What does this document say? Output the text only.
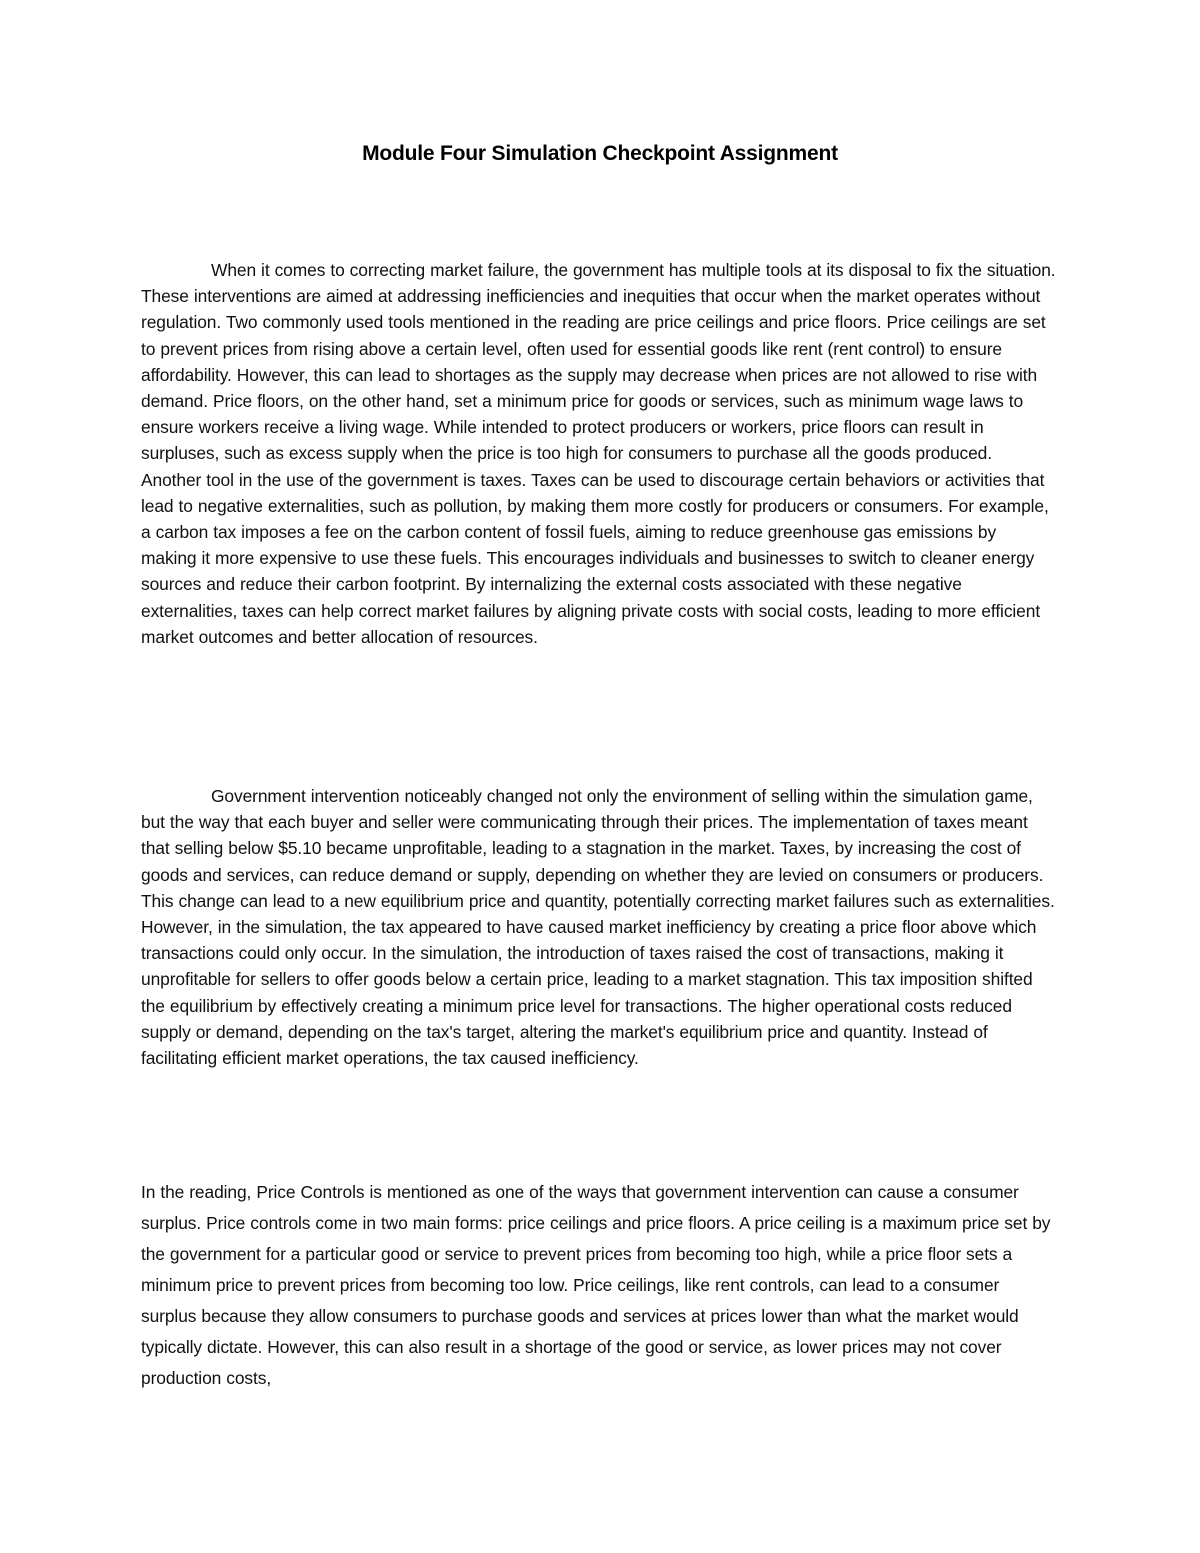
Module Four Simulation Checkpoint Assignment

When it comes to correcting market failure, the government has multiple tools at its disposal to fix the situation. These interventions are aimed at addressing inefficiencies and inequities that occur when the market operates without regulation. Two commonly used tools mentioned in the reading are price ceilings and price floors. Price ceilings are set to prevent prices from rising above a certain level, often used for essential goods like rent (rent control) to ensure affordability. However, this can lead to shortages as the supply may decrease when prices are not allowed to rise with demand. Price floors, on the other hand, set a minimum price for goods or services, such as minimum wage laws to ensure workers receive a living wage. While intended to protect producers or workers, price floors can result in surpluses, such as excess supply when the price is too high for consumers to purchase all the goods produced. Another tool in the use of the government is taxes. Taxes can be used to discourage certain behaviors or activities that lead to negative externalities, such as pollution, by making them more costly for producers or consumers. For example, a carbon tax imposes a fee on the carbon content of fossil fuels, aiming to reduce greenhouse gas emissions by making it more expensive to use these fuels. This encourages individuals and businesses to switch to cleaner energy sources and reduce their carbon footprint. By internalizing the external costs associated with these negative externalities, taxes can help correct market failures by aligning private costs with social costs, leading to more efficient market outcomes and better allocation of resources.

Government intervention noticeably changed not only the environment of selling within the simulation game, but the way that each buyer and seller were communicating through their prices. The implementation of taxes meant that selling below $5.10 became unprofitable, leading to a stagnation in the market. Taxes, by increasing the cost of goods and services, can reduce demand or supply, depending on whether they are levied on consumers or producers. This change can lead to a new equilibrium price and quantity, potentially correcting market failures such as externalities. However, in the simulation, the tax appeared to have caused market inefficiency by creating a price floor above which transactions could only occur. In the simulation, the introduction of taxes raised the cost of transactions, making it unprofitable for sellers to offer goods below a certain price, leading to a market stagnation. This tax imposition shifted the equilibrium by effectively creating a minimum price level for transactions. The higher operational costs reduced supply or demand, depending on the tax's target, altering the market's equilibrium price and quantity. Instead of facilitating efficient market operations, the tax caused inefficiency.

In the reading, Price Controls is mentioned as one of the ways that government intervention can cause a consumer surplus. Price controls come in two main forms: price ceilings and price floors. A price ceiling is a maximum price set by the government for a particular good or service to prevent prices from becoming too high, while a price floor sets a minimum price to prevent prices from becoming too low. Price ceilings, like rent controls, can lead to a consumer surplus because they allow consumers to purchase goods and services at prices lower than what the market would typically dictate. However, this can also result in a shortage of the good or service, as lower prices may not cover production costs,
